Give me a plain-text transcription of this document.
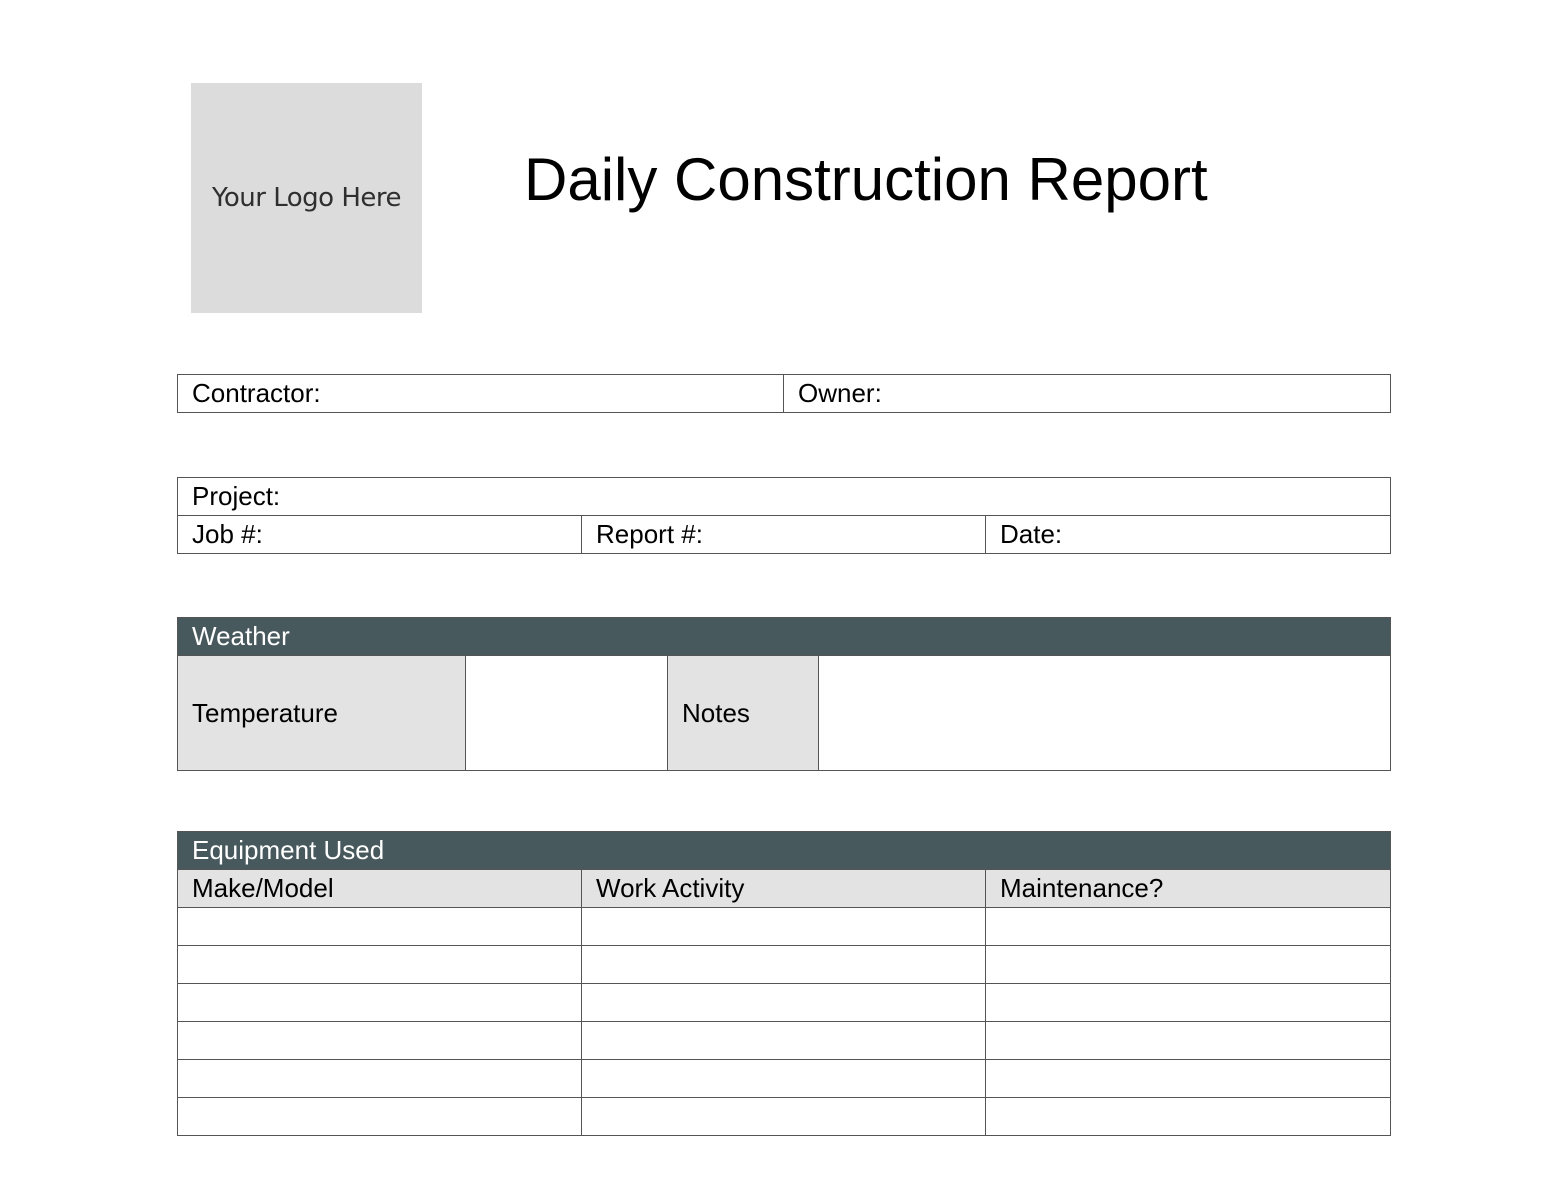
Your Logo Here Daily Construction Report
Contractor:	Owner:
Project:
Job #:	Report #:	Date:
Weather
Temperature		Notes	
Equipment Used		
Make/Model	Work Activity	Maintenance?
